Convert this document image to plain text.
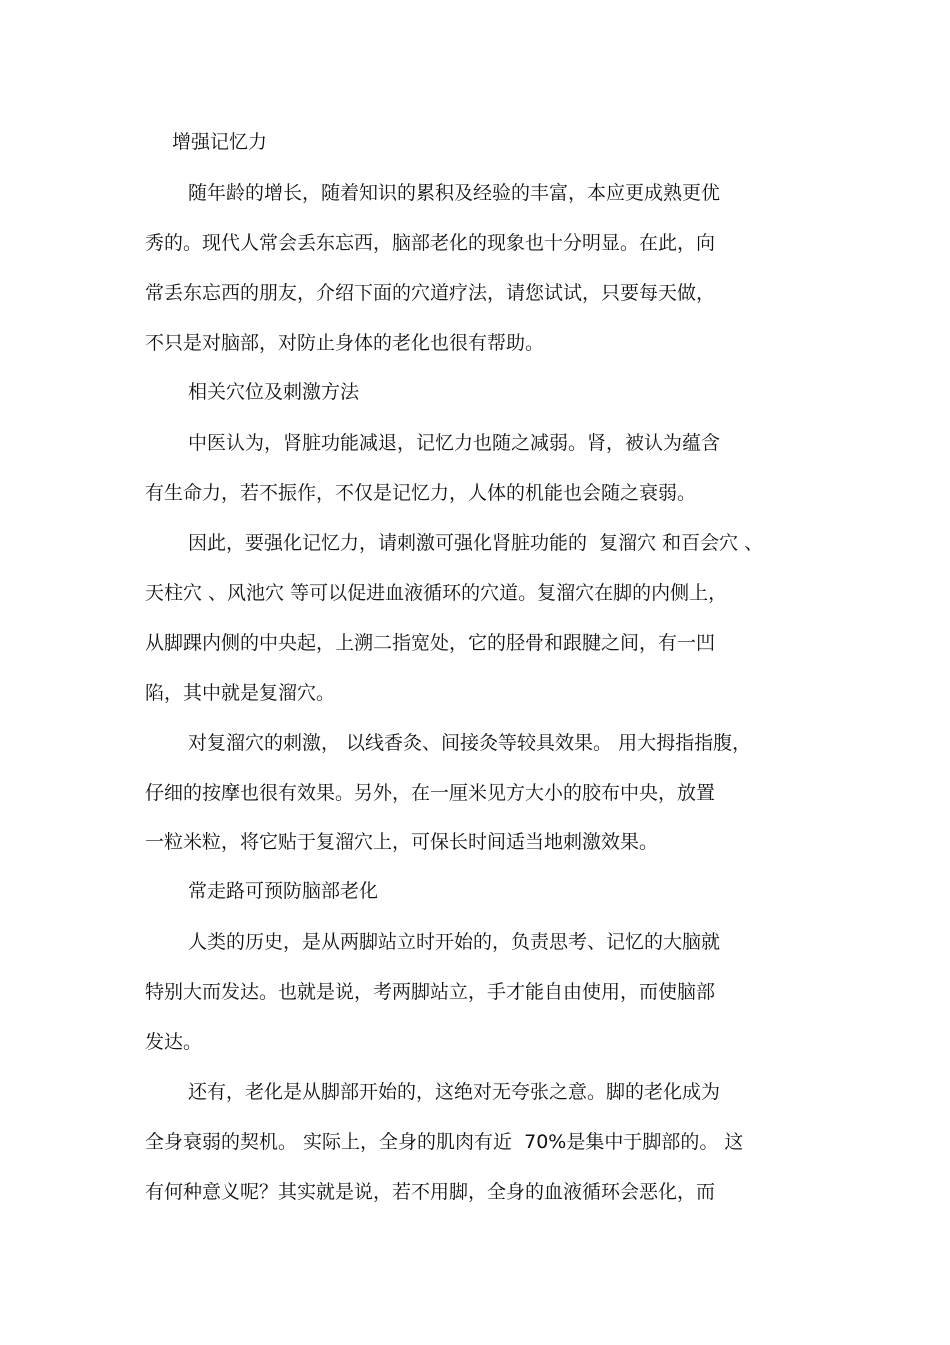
增强记忆力
随年龄的增长，随着知识的累积及经验的丰富，本应更成熟更优
秀的。现代人常会丢东忘西，脑部老化的现象也十分明显。在此，向
常丢东忘西的朋友，介绍下面的穴道疗法，请您试试，只要每天做，
不只是对脑部，对防止身体的老化也很有帮助。
相关穴位及刺激方法
中医认为，肾脏功能减退，记忆力也随之减弱。肾，被认为蕴含
有生命力，若不振作，不仅是记忆力，人体的机能也会随之衰弱。
因此，要强化记忆力，请刺激可强化肾脏功能的  复溜穴 和百会穴 、
天柱穴 、风池穴 等可以促进血液循环的穴道。复溜穴在脚的内侧上，
从脚踝内侧的中央起，上溯二指宽处，它的胫骨和跟腱之间，有一凹
陷，其中就是复溜穴。
对复溜穴的刺激， 以线香灸、间接灸等较具效果。 用大拇指指腹，
仔细的按摩也很有效果。另外，在一厘米见方大小的胶布中央，放置
一粒米粒，将它贴于复溜穴上，可保长时间适当地刺激效果。
常走路可预防脑部老化
人类的历史，是从两脚站立时开始的，负责思考、记忆的大脑就
特别大而发达。也就是说，考两脚站立，手才能自由使用，而使脑部
发达。
还有，老化是从脚部开始的，这绝对无夸张之意。脚的老化成为
全身衰弱的契机。 实际上，全身的肌肉有近  70%是集中于脚部的。 这
有何种意义呢？其实就是说，若不用脚，全身的血液循环会恶化，而
